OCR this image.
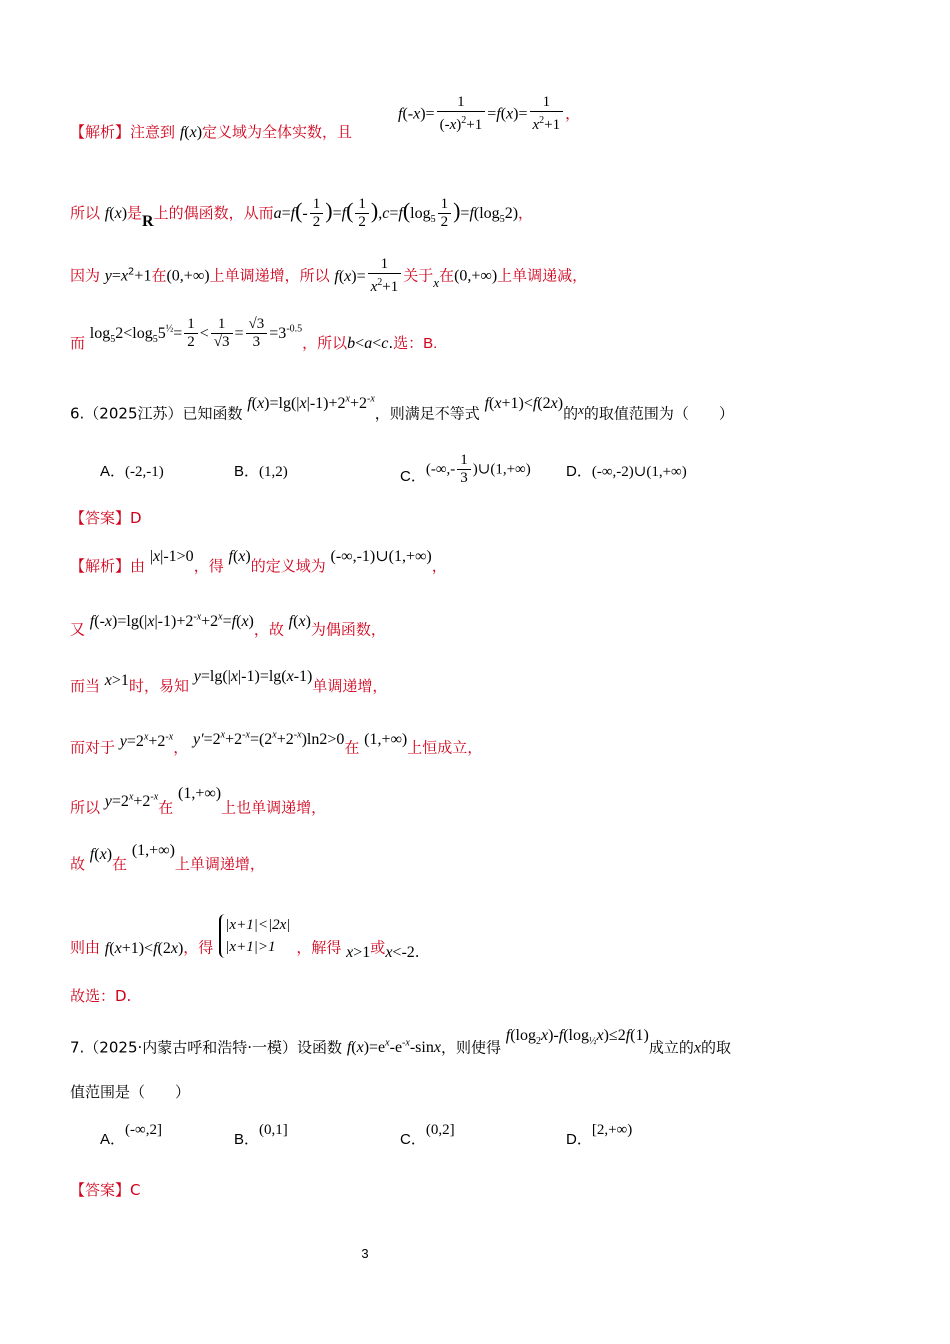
【解析】注意到 f(x)定义域为全体实数，且
$f(-x)= \frac{1}{(-x)^2+1} =f(x)= \frac{1}{x^2+1}$ ，
所以 f(x)是R上的偶函数，从而$a=f(- \frac{1}{2} )=f( \frac{1}{2} ),c=f(\log_5 \frac{1}{2} )=f(\log_52)$，
因为 $y=x^2+1$在(0,+∞)上单调递增，所以 $f(x)= \frac{1}{x^2+1}$ 关于x在(0,+∞)上单调递减，
而 $\log_52<\log_55^{\frac{1}{2}}= \frac{1}{2} < \frac{1}{√3} = \frac{√3}{3} =3^{-0.5}$，所以b<a<c.选：B.
6.（2025江苏）已知函数 $f(x)=\lg(|x|-1)+2^x+2^{-x}$，则满足不等式 f(x+1)<f(2x)的x的取值范围为（　　）
A．(-2,-1)	B．(1,2)	C．(-∞,- $\frac{1}{3}$ )∪(1,+∞) D．(-∞,-2)∪(1,+∞)
【答案】D
【解析】由 |x|-1>0，得 f(x)的定义域为 (-∞,-1)∪(1,+∞)，
又 $f(-x)=\lg(|x|-1)+2^{-x}+2^x=f(x)$，故 f(x)为偶函数，
而当 x>1时，易知 y=lg(|x|-1)=lg(x-1)单调递增，
而对于 $y=2^x+2^{-x}$， $y'=2^x+2^{-x}=(2^x+2^{-x})\ln 2>0$在 (1,+∞)上恒成立，
所以 $y=2^x+2^{-x}$在 (1,+∞)上也单调递增，
故 f(x)在 (1,+∞)上单调递增，
则由 f(x+1)<f(2x)，得
|x+1|<|2x|
|x+1|>1	，解得 x>1或x<-2.
故选：D.
7.（2025·内蒙古呼和浩特·一模）设函数 $f(x)=e^x-e^{-x}$-sinx，则使得 $f(\log_2x)-f(\log_{\frac{1}{2}}x)\le 2f(1)$成立的x的取
值范围是（　　）
A．(-∞,2]
B．(0,1]
C．(0,2]
D．[2,+∞)
【答案】C
3
